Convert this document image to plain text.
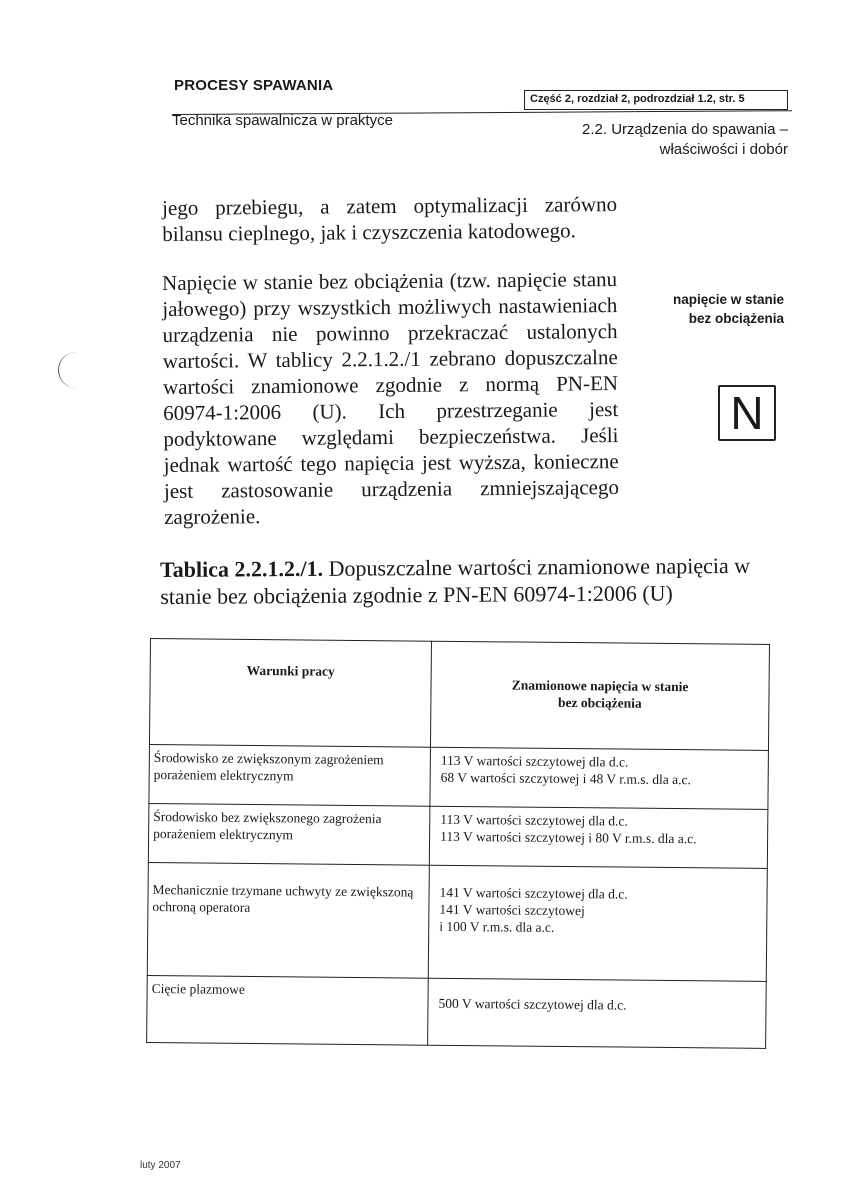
PROCESY SPAWANIA
Część 2, rozdział 2, podrozdział 1.2, str. 5
Technika spawalnicza w praktyce
2.2. Urządzenia do spawania –
właściwości i dobór
jego przebiegu, a zatem optymalizacji zarówno bilansu cieplnego, jak i czyszczenia katodowego.
Napięcie w stanie bez obciążenia (tzw. napięcie stanu jałowego) przy wszystkich możliwych nastawieniach urządzenia nie powinno przekraczać ustalonych wartości. W tablicy 2.2.1.2./1 zebrano dopuszczalne wartości znamionowe zgodnie z normą PN-EN 60974-1:2006 (U). Ich przestrzeganie jest podyktowane względami bezpieczeństwa. Jeśli jednak wartość tego napięcia jest wyższa, konieczne jest zastosowanie urządzenia zmniejszającego zagrożenie.
napięcie w stanie
bez obciążenia
N
Tablica 2.2.1.2./1. Dopuszczalne wartości znamionowe napięcia w stanie bez obciążenia zgodnie z PN-EN 60974-1:2006 (U)
Warunki pracy	Znamionowe napięcia w stanie
bez obciążenia

Środowisko ze zwiększonym zagrożeniem porażeniem elektrycznym	113 V wartości szczytowej dla d.c.
68 V wartości szczytowej i 48 V r.m.s. dla a.c.

Środowisko bez zwiększonego zagrożenia porażeniem elektrycznym	113 V wartości szczytowej dla d.c.
113 V wartości szczytowej i 80 V r.m.s. dla a.c.

Mechanicznie trzymane uchwyty ze zwiększoną ochroną operatora	141 V wartości szczytowej dla d.c.
141 V wartości szczytowej
i 100 V r.m.s. dla a.c.

Cięcie plazmowe	500 V wartości szczytowej dla d.c.
luty 2007
